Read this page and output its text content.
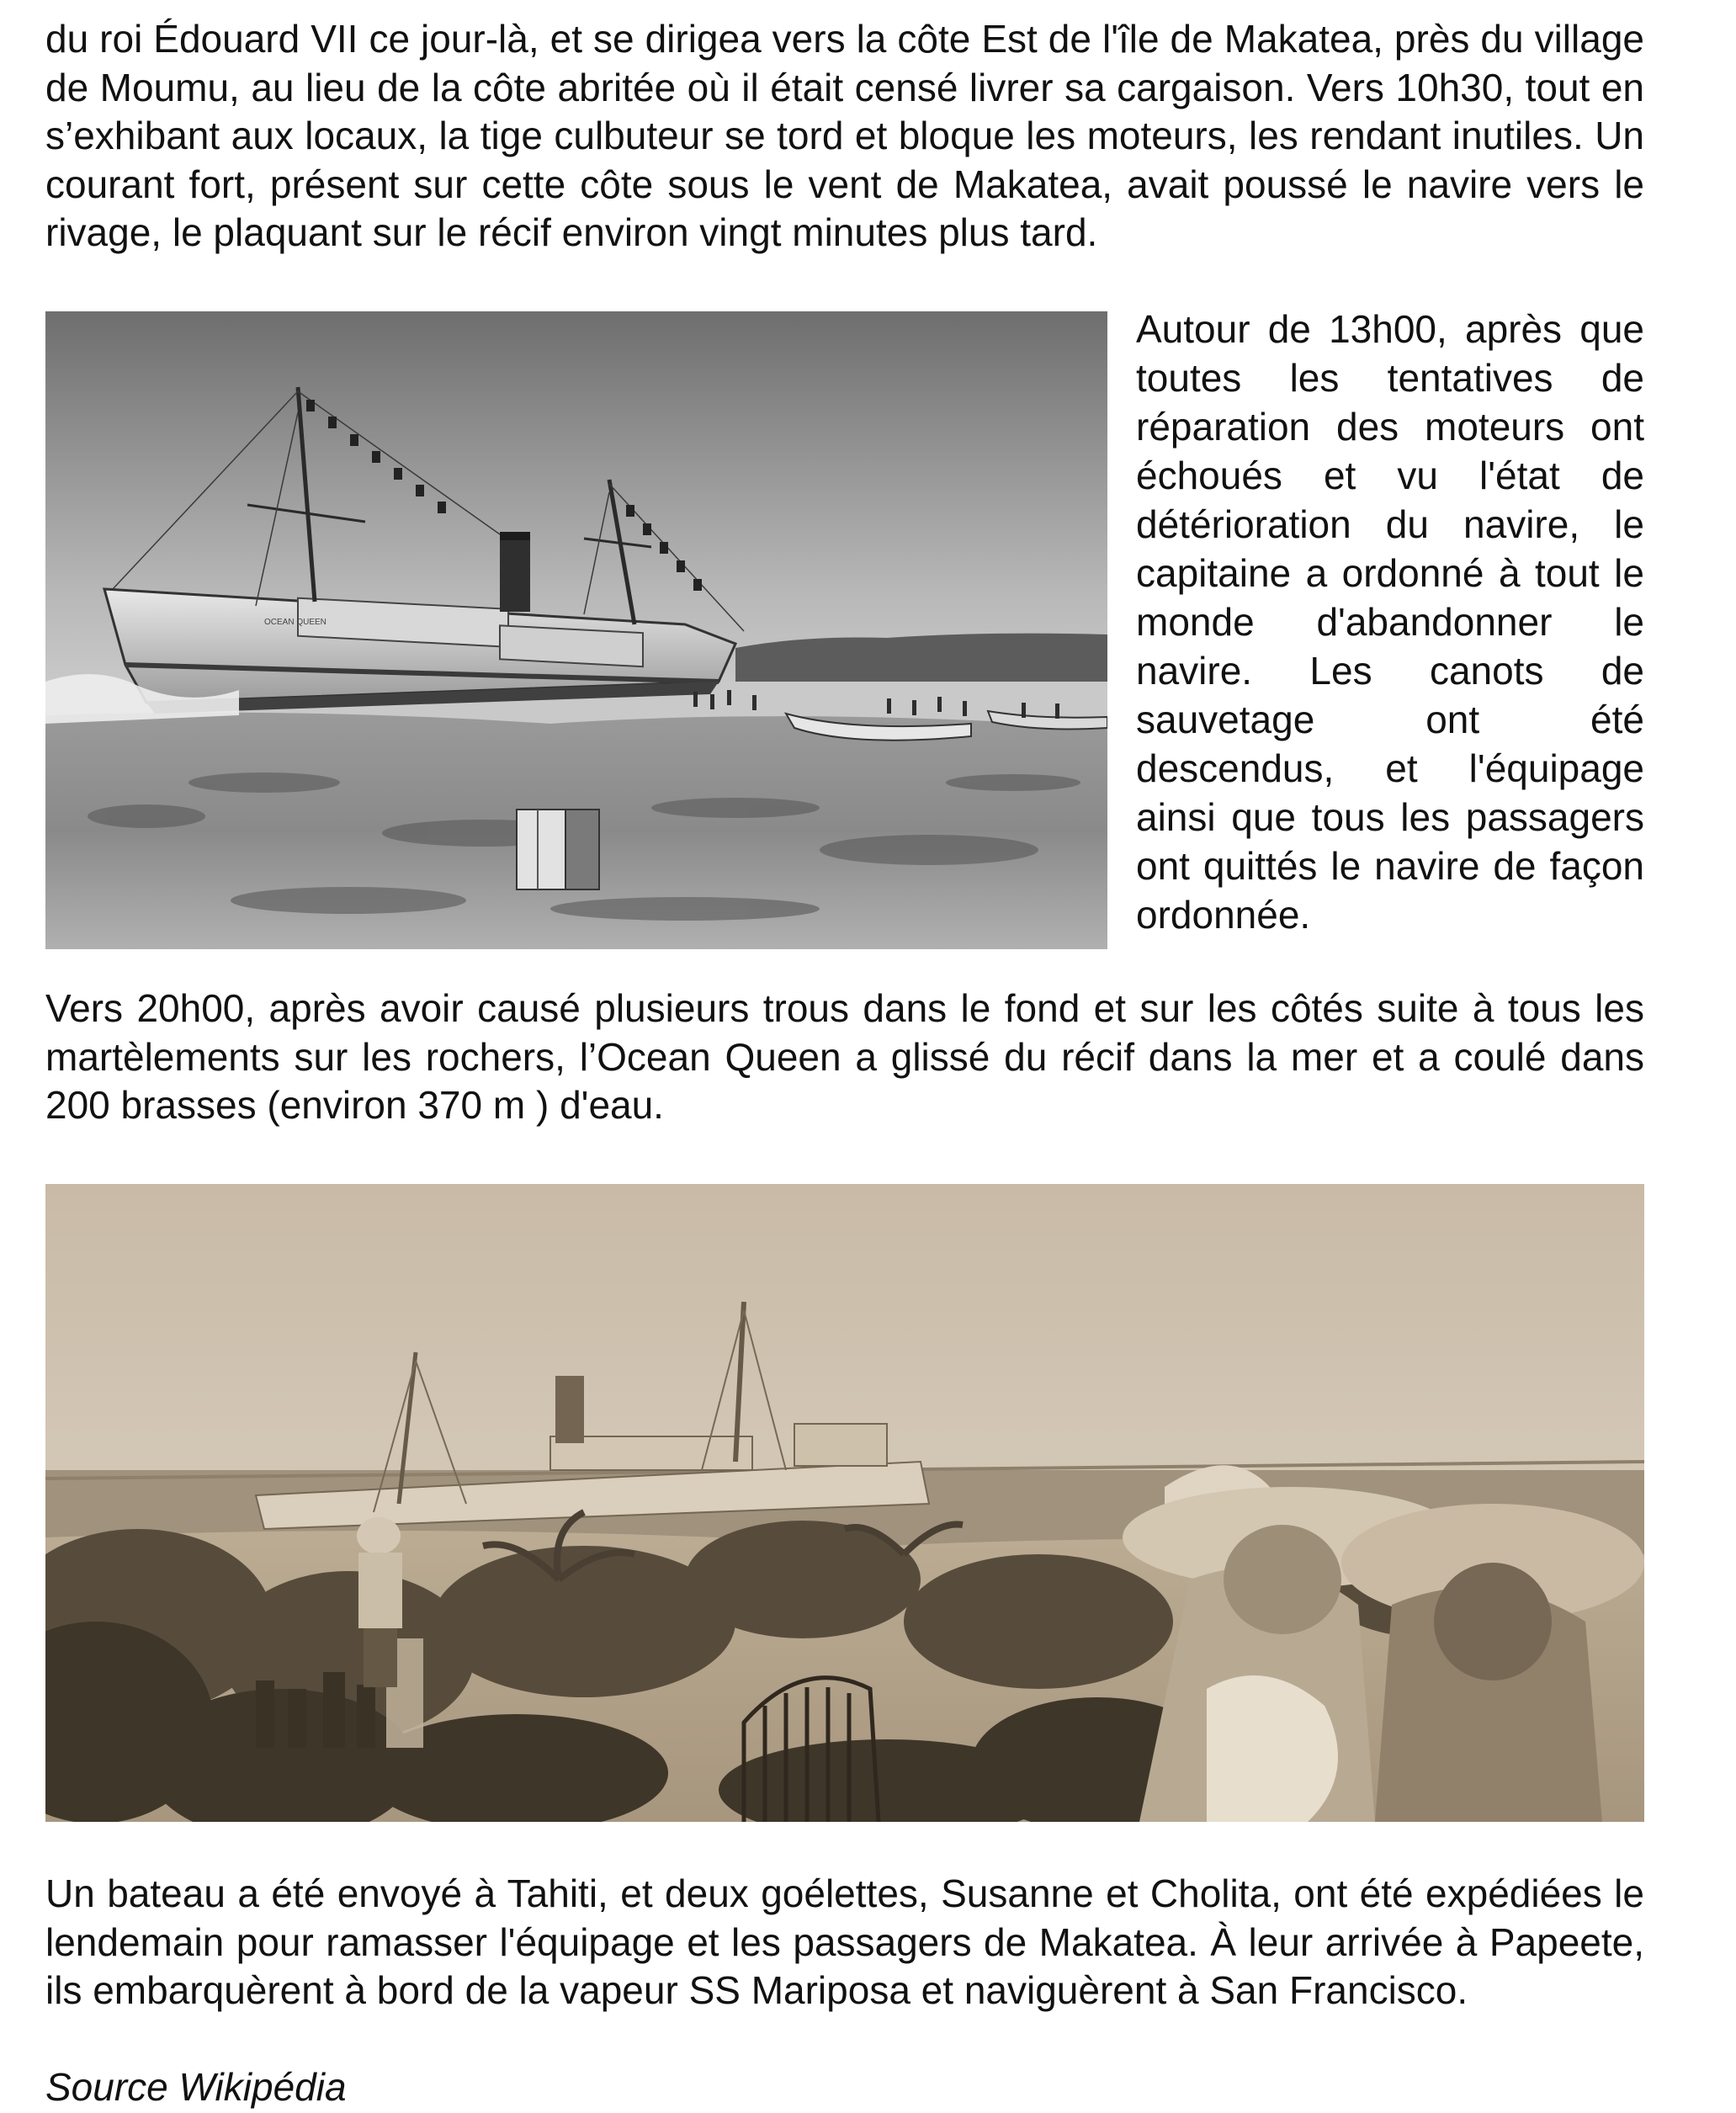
du roi Édouard VII ce jour-là, et se dirigea vers la côte Est de l'île de Makatea, près du village de Moumu, au lieu de la côte abritée où il était censé livrer sa cargaison. Vers 10h30, tout en s’exhibant aux locaux, la tige culbuteur se tord et bloque les moteurs, les rendant inutiles. Un courant fort, présent sur cette côte sous le vent de Makatea, avait poussé le navire vers le rivage, le plaquant sur le récif environ vingt minutes plus tard.

OCEAN QUEEN

Autour de 13h00, après que toutes les tentatives de réparation des moteurs ont échoués et vu l'état de détérioration du navire, le capitaine a ordonné à tout le monde d'abandonner le navire. Les canots de sauvetage ont été descendus, et l'équipage ainsi que tous les passagers ont quittés le navire de façon ordonnée.

Vers 20h00, après avoir causé plusieurs trous dans le fond et sur les côtés suite à tous les martèlements sur les rochers, l’Ocean Queen a glissé du récif dans la mer et a coulé dans 200 brasses (environ 370 m ) d'eau.

Un bateau a été envoyé à Tahiti, et deux goélettes, Susanne et Cholita, ont été expédiées le lendemain pour ramasser l'équipage et les passagers de Makatea. À leur arrivée à Papeete, ils embarquèrent à bord de la vapeur SS Mariposa et naviguèrent à San Francisco.

Source Wikipédia
